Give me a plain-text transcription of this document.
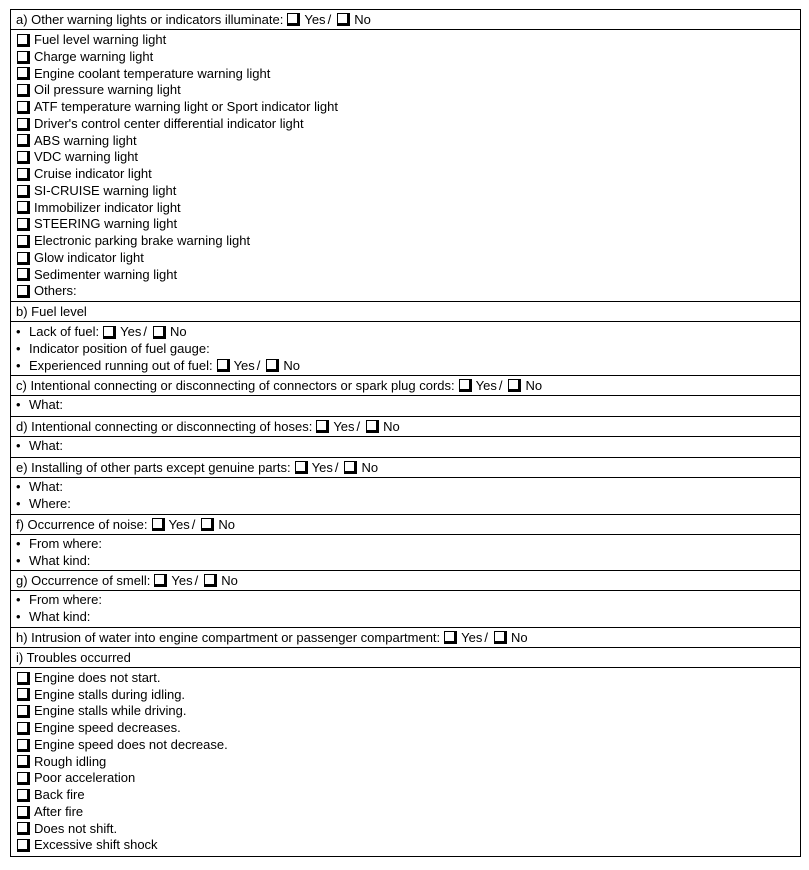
a) Other warning lights or indicators illuminate: Yes / No
Fuel level warning light
Charge warning light
Engine coolant temperature warning light
Oil pressure warning light
ATF temperature warning light or Sport indicator light
Driver's control center differential indicator light
ABS warning light
VDC warning light
Cruise indicator light
SI-CRUISE warning light
Immobilizer indicator light
STEERING warning light
Electronic parking brake warning light
Glow indicator light
Sedimenter warning light
Others:
b) Fuel level
• Lack of fuel: Yes / No
• Indicator position of fuel gauge:
• Experienced running out of fuel: Yes / No
c) Intentional connecting or disconnecting of connectors or spark plug cords: Yes / No
• What:
d) Intentional connecting or disconnecting of hoses: Yes / No
• What:
e) Installing of other parts except genuine parts: Yes / No
• What:
• Where:
f) Occurrence of noise: Yes / No
• From where:
• What kind:
g) Occurrence of smell: Yes / No
• From where:
• What kind:
h) Intrusion of water into engine compartment or passenger compartment: Yes / No
i) Troubles occurred
Engine does not start.
Engine stalls during idling.
Engine stalls while driving.
Engine speed decreases.
Engine speed does not decrease.
Rough idling
Poor acceleration
Back fire
After fire
Does not shift.
Excessive shift shock
